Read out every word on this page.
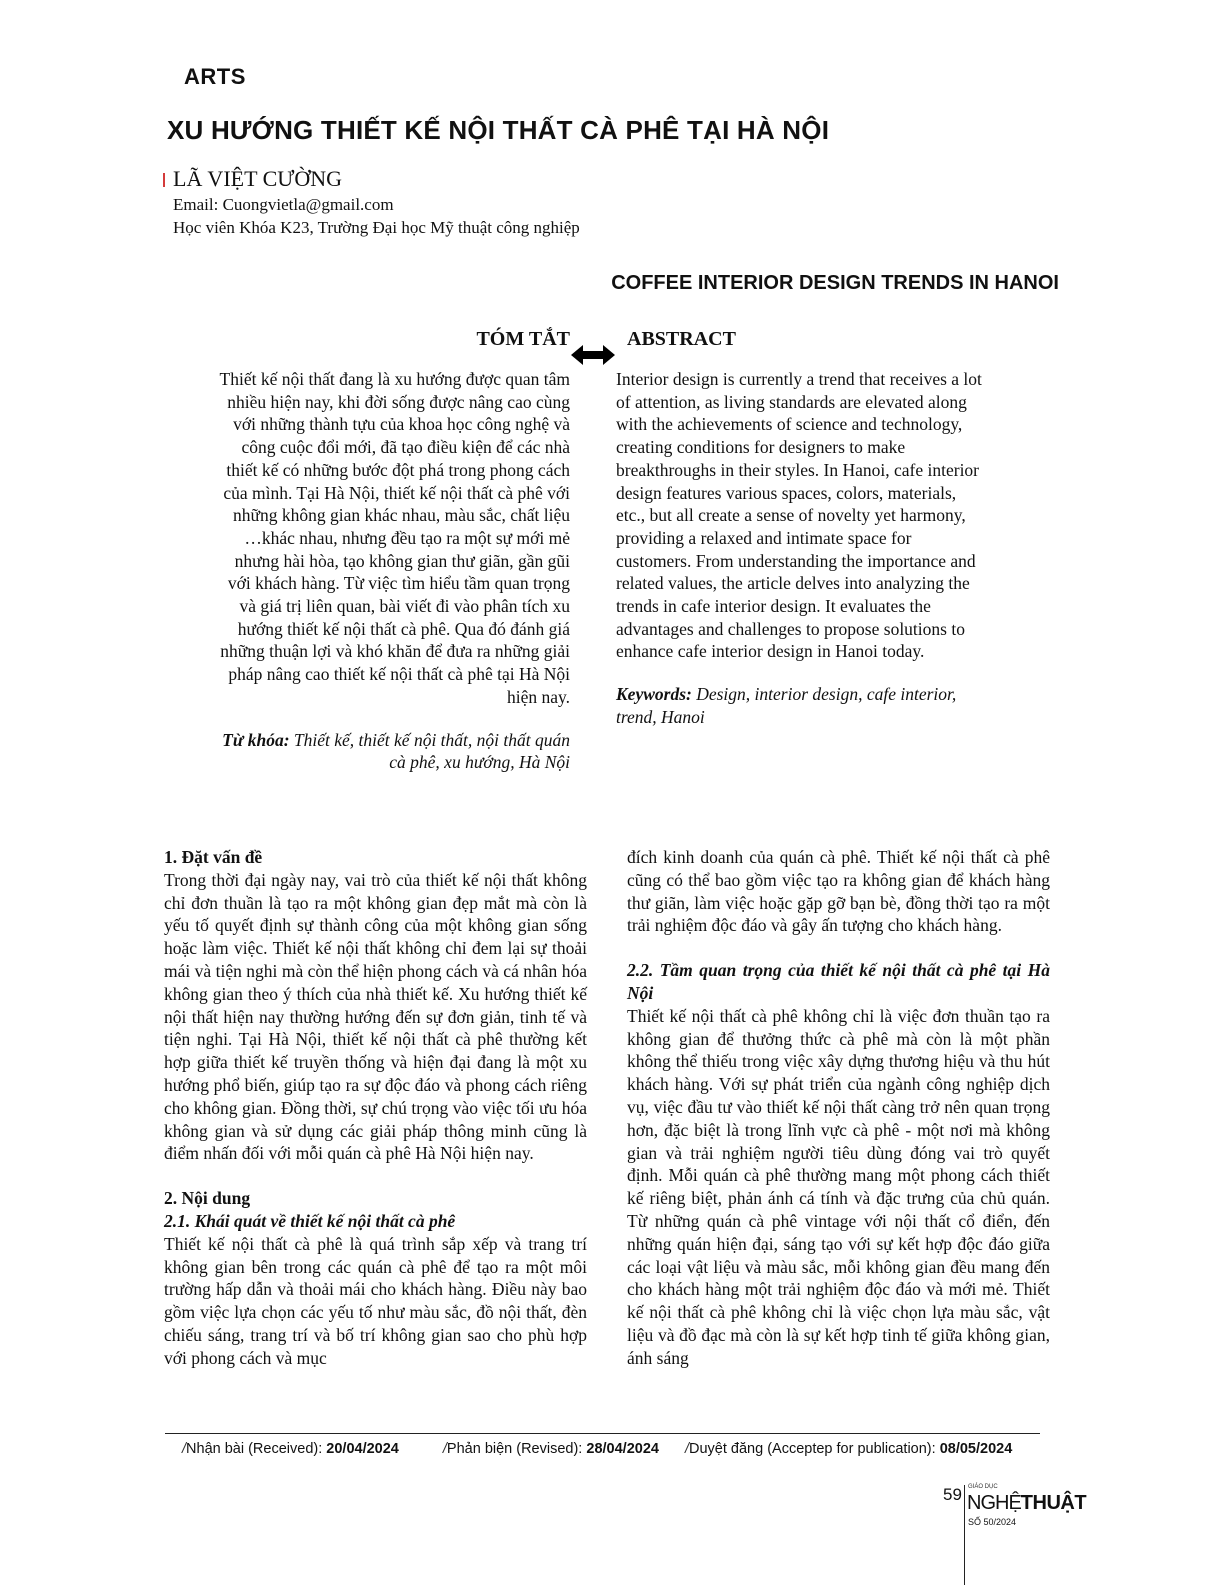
ARTS
XU HƯỚNG THIẾT KẾ NỘI THẤT CÀ PHÊ TẠI HÀ NỘI
LÃ VIỆT CƯỜNG
Email: Cuongvietla@gmail.com
Học viên Khóa K23, Trường Đại học Mỹ thuật công nghiệp
COFFEE INTERIOR DESIGN TRENDS IN HANOI
TÓM TẮT	ABSTRACT
Thiết kế nội thất đang là xu hướng được quan tâm
nhiều hiện nay, khi đời sống được nâng cao cùng
với những thành tựu của khoa học công nghệ và
công cuộc đổi mới, đã tạo điều kiện để các nhà
thiết kế có những bước đột phá trong phong cách
của mình. Tại Hà Nội, thiết kế nội thất cà phê với
những không gian khác nhau, màu sắc, chất liệu
…khác nhau, nhưng đều tạo ra một sự mới mẻ
nhưng hài hòa, tạo không gian thư giãn, gần gũi
với khách hàng. Từ việc tìm hiểu tầm quan trọng
và giá trị liên quan, bài viết đi vào phân tích xu
hướng thiết kế nội thất cà phê. Qua đó đánh giá
những thuận lợi và khó khăn để đưa ra những giải
pháp nâng cao thiết kế nội thất cà phê tại Hà Nội
hiện nay.
Từ khóa: Thiết kế, thiết kế nội thất, nội thất quán
cà phê, xu hướng, Hà Nội
Interior design is currently a trend that receives a lot
of attention, as living standards are elevated along
with the achievements of science and technology,
creating conditions for designers to make
breakthroughs in their styles. In Hanoi, cafe interior
design features various spaces, colors, materials,
etc., but all create a sense of novelty yet harmony,
providing a relaxed and intimate space for
customers. From understanding the importance and
related values, the article delves into analyzing the
trends in cafe interior design. It evaluates the
advantages and challenges to propose solutions to
enhance cafe interior design in Hanoi today.
Keywords: Design, interior design, cafe interior,
trend, Hanoi

1. Đặt vấn đề

Trong thời đại ngày nay, vai trò của thiết kế nội thất không chỉ đơn thuần là tạo ra một không gian đẹp mắt mà còn là yếu tố quyết định sự thành công của một không gian sống hoặc làm việc. Thiết kế nội thất không chỉ đem lại sự thoải mái và tiện nghi mà còn thể hiện phong cách và cá nhân hóa không gian theo ý thích của nhà thiết kế. Xu hướng thiết kế nội thất hiện nay thường hướng đến sự đơn giản, tinh tế và tiện nghi. Tại Hà Nội, thiết kế nội thất cà phê thường kết hợp giữa thiết kế truyền thống và hiện đại đang là một xu hướng phổ biến, giúp tạo ra sự độc đáo và phong cách riêng cho không gian. Đồng thời, sự chú trọng vào việc tối ưu hóa không gian và sử dụng các giải pháp thông minh cũng là điểm nhấn đối với mỗi quán cà phê Hà Nội hiện nay.

2. Nội dung

2.1. Khái quát về thiết kế nội thất cà phê

Thiết kế nội thất cà phê là quá trình sắp xếp và trang trí không gian bên trong các quán cà phê để tạo ra một môi trường hấp dẫn và thoải mái cho khách hàng. Điều này bao gồm việc lựa chọn các yếu tố như màu sắc, đồ nội thất, đèn chiếu sáng, trang trí và bố trí không gian sao cho phù hợp với phong cách và mục

đích kinh doanh của quán cà phê. Thiết kế nội thất cà phê cũng có thể bao gồm việc tạo ra không gian để khách hàng thư giãn, làm việc hoặc gặp gỡ bạn bè, đồng thời tạo ra một trải nghiệm độc đáo và gây ấn tượng cho khách hàng.

2.2. Tầm quan trọng của thiết kế nội thất cà phê tại Hà Nội

Thiết kế nội thất cà phê không chỉ là việc đơn thuần tạo ra không gian để thưởng thức cà phê mà còn là một phần không thể thiếu trong việc xây dựng thương hiệu và thu hút khách hàng. Với sự phát triển của ngành công nghiệp dịch vụ, việc đầu tư vào thiết kế nội thất càng trở nên quan trọng hơn, đặc biệt là trong lĩnh vực cà phê - một nơi mà không gian và trải nghiệm người tiêu dùng đóng vai trò quyết định. Mỗi quán cà phê thường mang một phong cách thiết kế riêng biệt, phản ánh cá tính và đặc trưng của chủ quán. Từ những quán cà phê vintage với nội thất cổ điển, đến những quán hiện đại, sáng tạo với sự kết hợp độc đáo giữa các loại vật liệu và màu sắc, mỗi không gian đều mang đến cho khách hàng một trải nghiệm độc đáo và mới mẻ. Thiết kế nội thất cà phê không chỉ là việc chọn lựa màu sắc, vật liệu và đồ đạc mà còn là sự kết hợp tinh tế giữa không gian, ánh sáng

/Nhận bài (Received): 20/04/2024	/Phản biện (Revised): 28/04/2024 /Duyệt đăng (Acceptep for publication): 08/05/2024
59 GIÁO DỤC
NGHỆTHUẬT
SỐ 50/2024
